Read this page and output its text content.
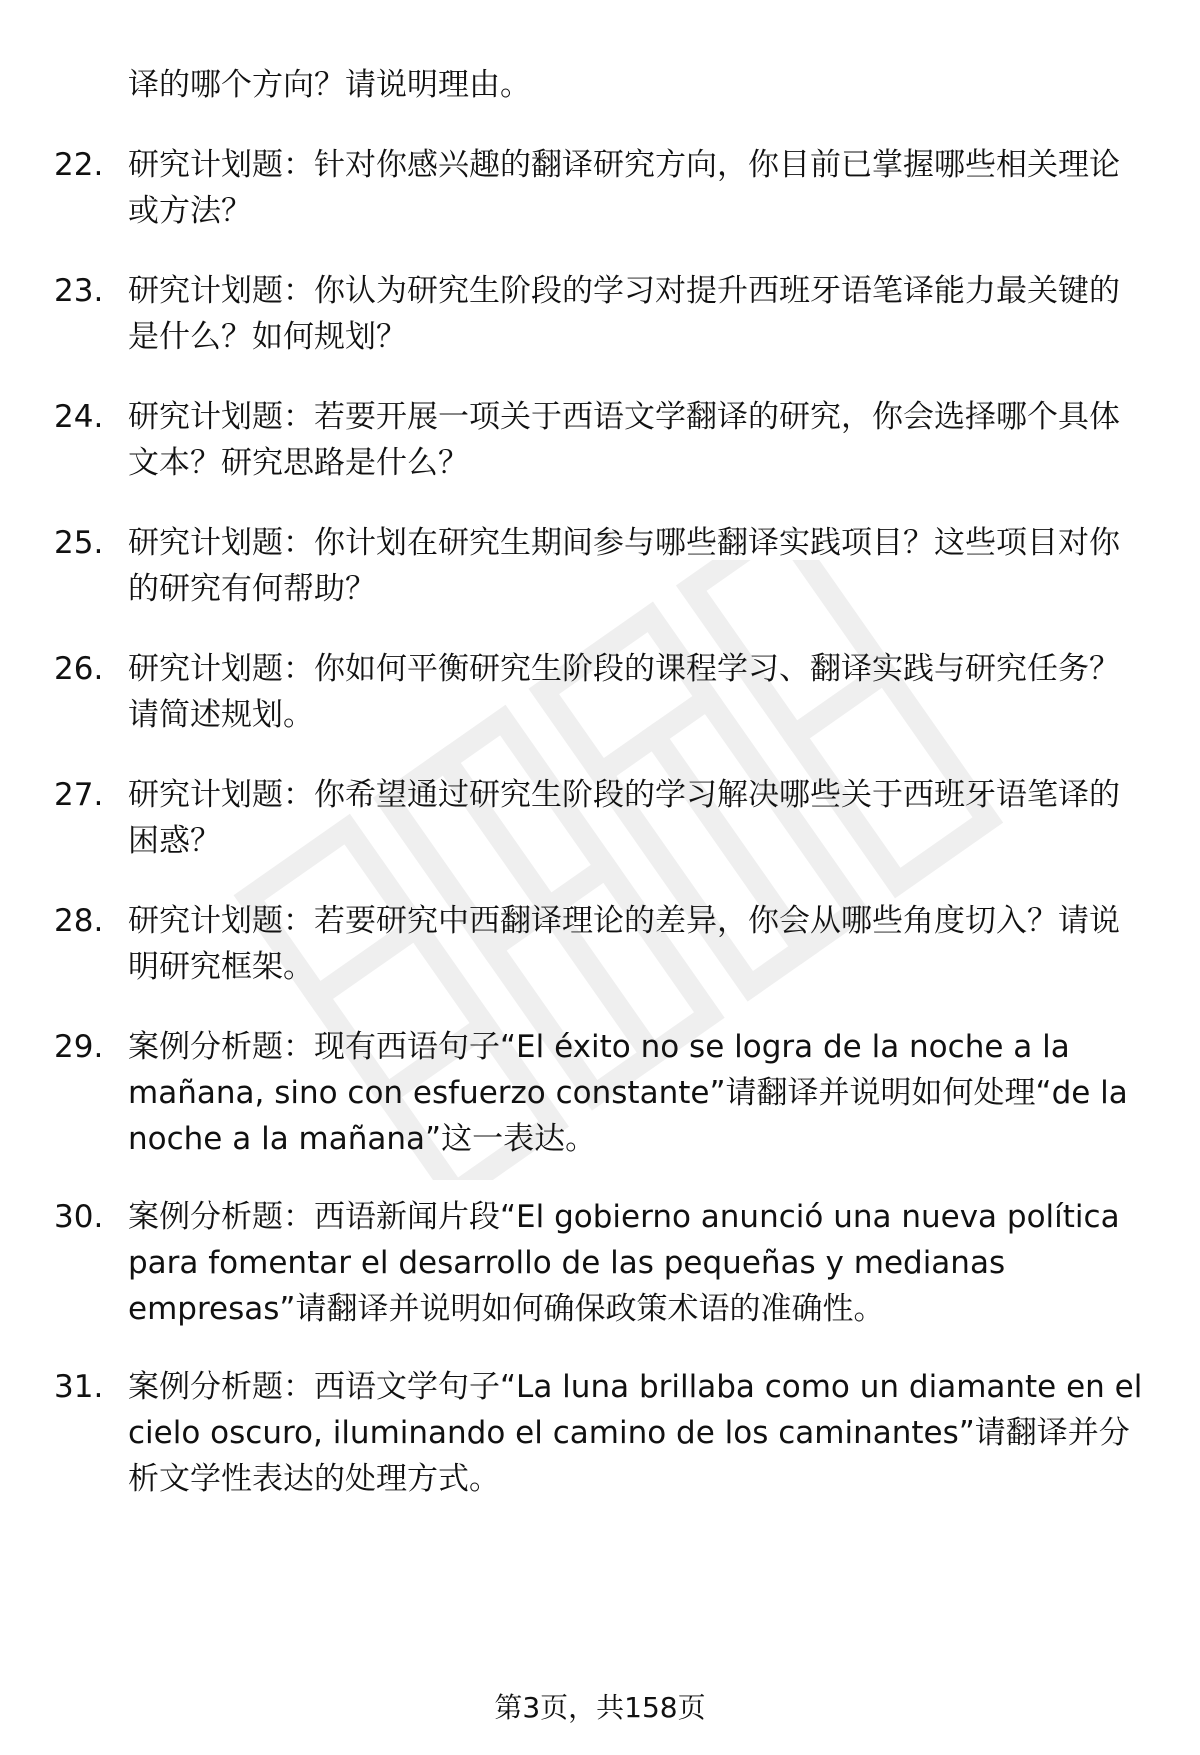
译的哪个方向？请说明理由。
22. 研究计划题：针对你感兴趣的翻译研究方向，你目前已掌握哪些相关理论或方法？
23. 研究计划题：你认为研究生阶段的学习对提升西班牙语笔译能力最关键的是什么？如何规划？
24. 研究计划题：若要开展一项关于西语文学翻译的研究，你会选择哪个具体文本？研究思路是什么？
25. 研究计划题：你计划在研究生期间参与哪些翻译实践项目？这些项目对你的研究有何帮助？
26. 研究计划题：你如何平衡研究生阶段的课程学习、翻译实践与研究任务？请简述规划。
27. 研究计划题：你希望通过研究生阶段的学习解决哪些关于西班牙语笔译的困惑？
28. 研究计划题：若要研究中西翻译理论的差异，你会从哪些角度切入？请说明研究框架。
29. 案例分析题：现有西语句子“El éxito no se logra de la noche a la mañana, sino con esfuerzo constante”请翻译并说明如何处理“de la noche a la mañana”这一表达。
30. 案例分析题：西语新闻片段“El gobierno anunció una nueva política para fomentar el desarrollo de las pequeñas y medianas empresas”请翻译并说明如何确保政策术语的准确性。
31. 案例分析题：西语文学句子“La luna brillaba como un diamante en el cielo oscuro, iluminando el camino de los caminantes”请翻译并分析文学性表达的处理方式。
第3页，共158页
